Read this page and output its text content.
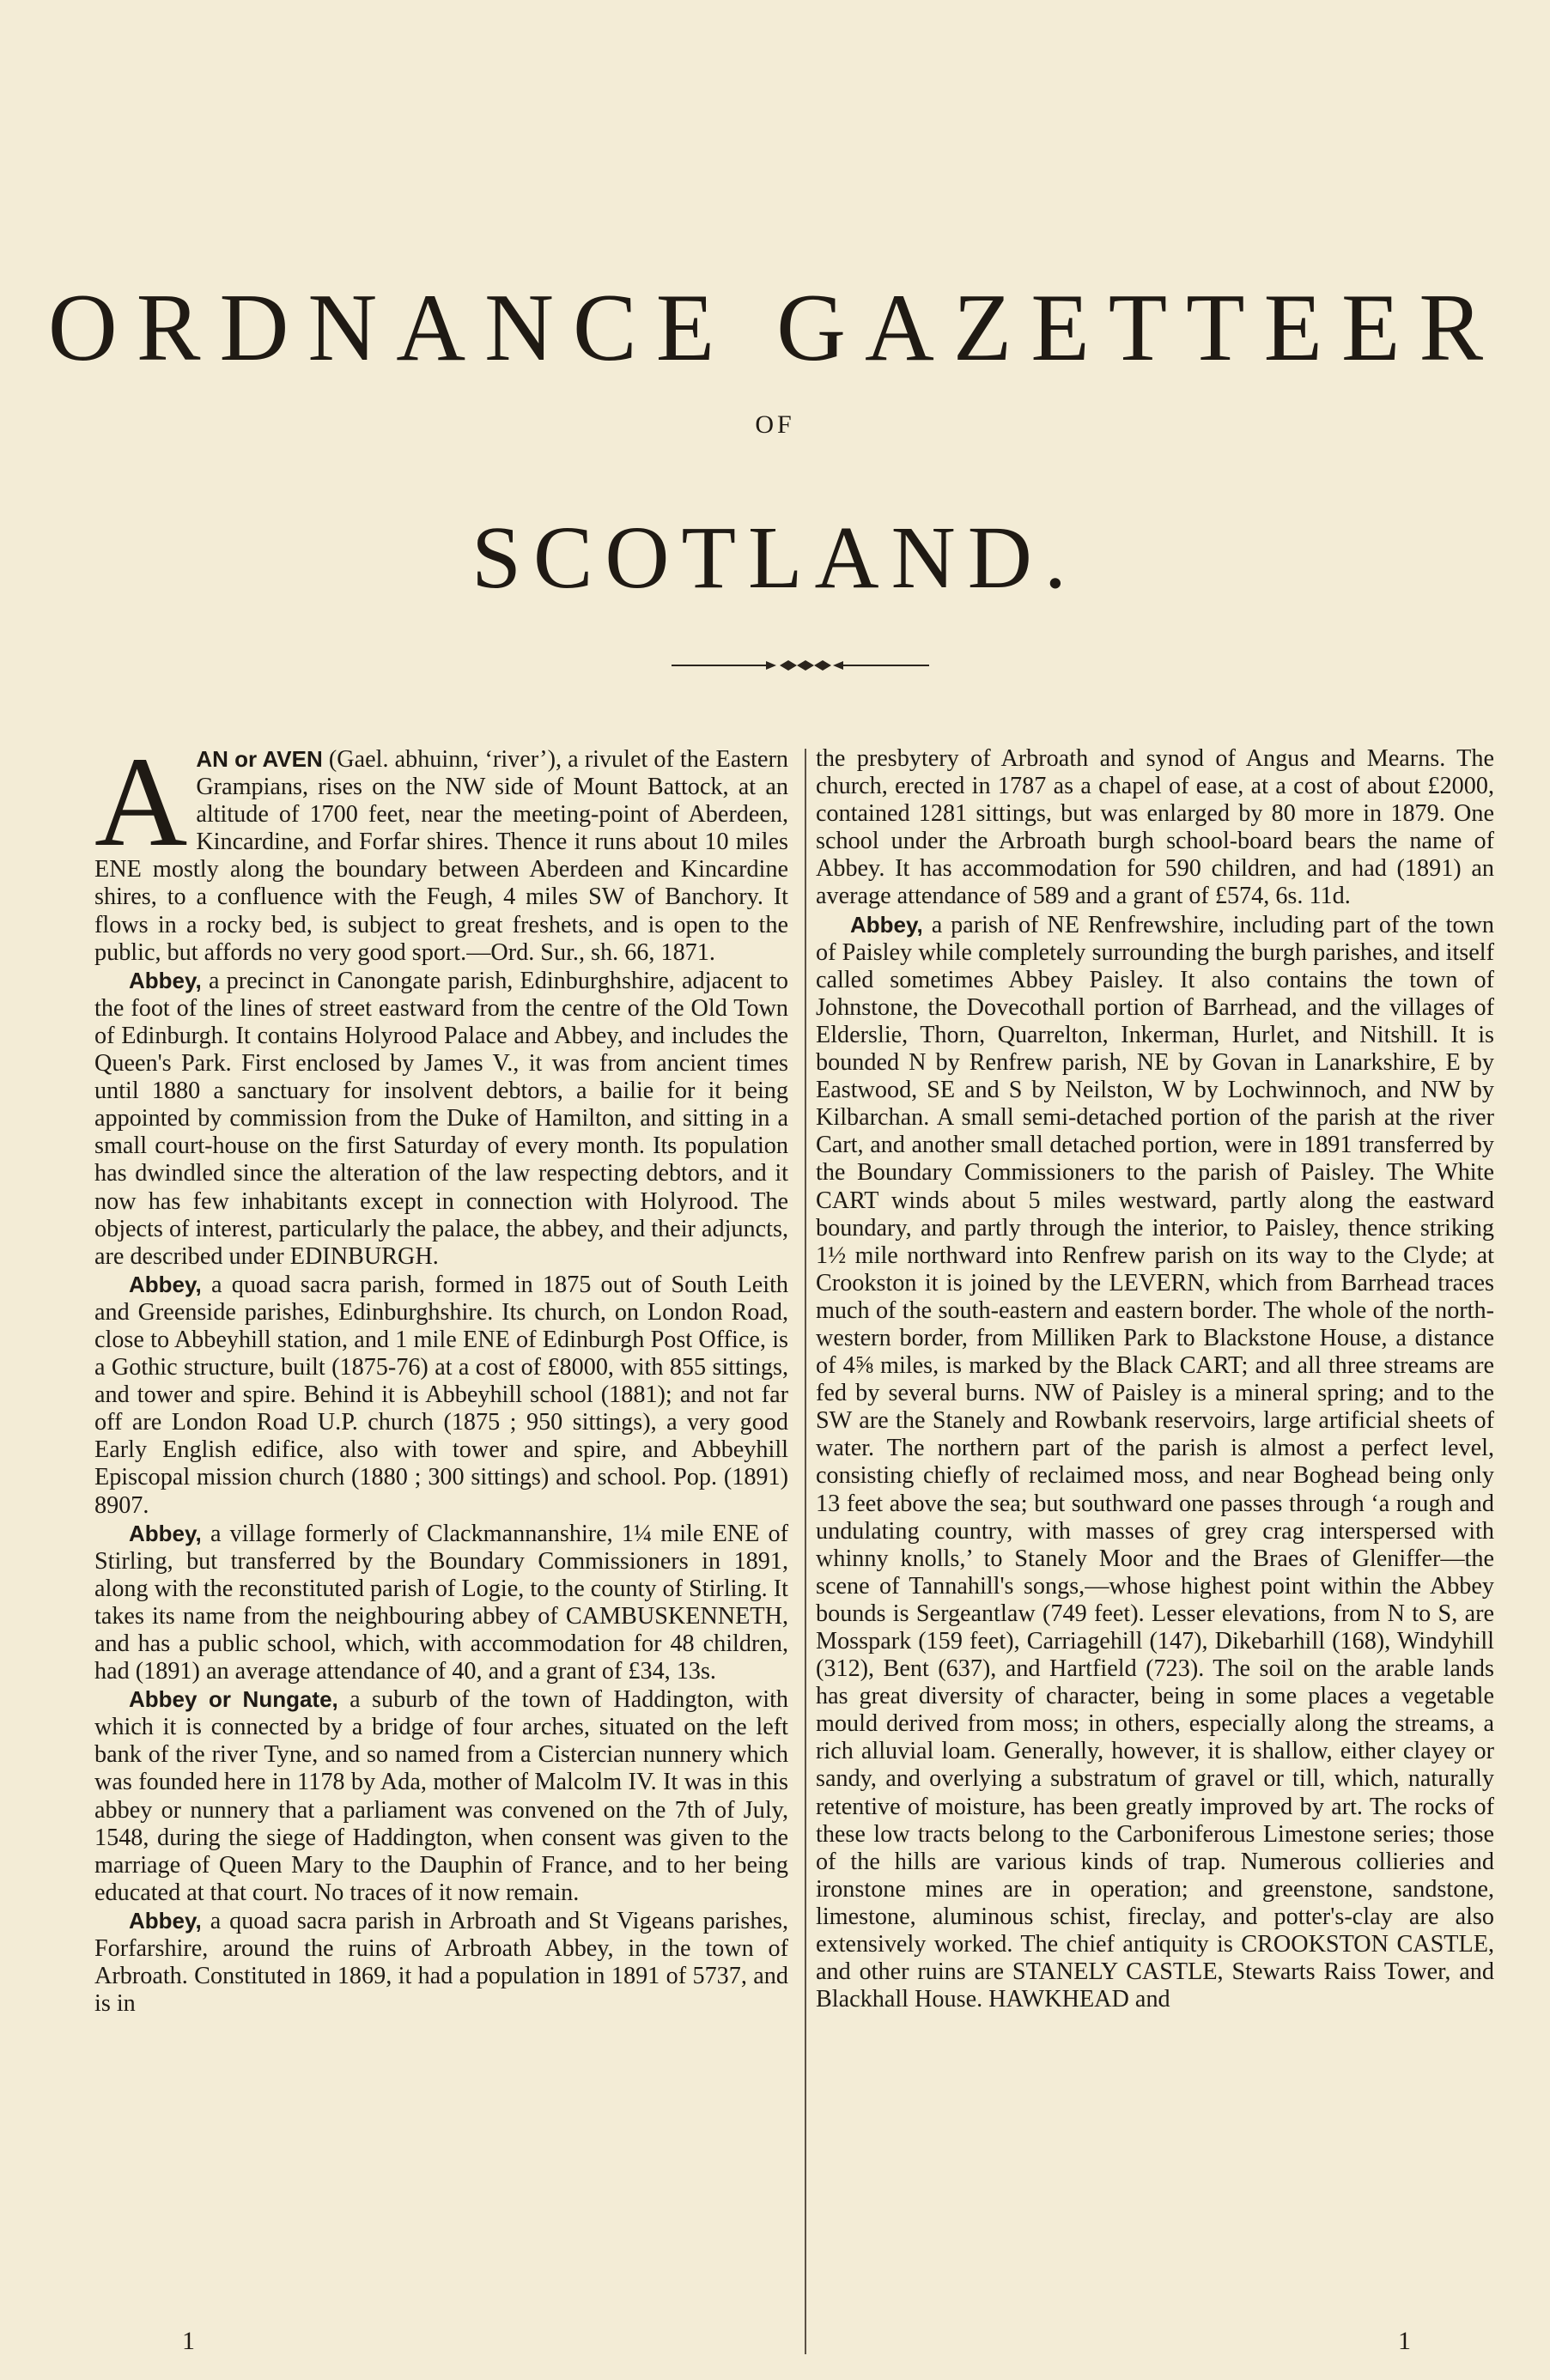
ORDNANCE GAZETTEER
OF
SCOTLAND.

A AN or AVEN (Gael. abhuinn, ‘river’), a rivulet of the Eastern Grampians, rises on the NW side of Mount Battock, at an altitude of 1700 feet, near the meeting-point of Aberdeen, Kincardine, and Forfar shires. Thence it runs about 10 miles ENE mostly along the boundary between Aberdeen and Kincardine shires, to a confluence with the Feugh, 4 miles SW of Banchory. It flows in a rocky bed, is subject to great freshets, and is open to the public, but affords no very good sport.—Ord. Sur., sh. 66, 1871.

Abbey, a precinct in Canongate parish, Edinburghshire, adjacent to the foot of the lines of street eastward from the centre of the Old Town of Edinburgh. It contains Holyrood Palace and Abbey, and includes the Queen's Park. First enclosed by James V., it was from ancient times until 1880 a sanctuary for insolvent debtors, a bailie for it being appointed by commission from the Duke of Hamilton, and sitting in a small court-house on the first Saturday of every month. Its population has dwindled since the alteration of the law respecting debtors, and it now has few inhabitants except in connection with Holyrood. The objects of interest, particularly the palace, the abbey, and their adjuncts, are described under EDINBURGH.

Abbey, a quoad sacra parish, formed in 1875 out of South Leith and Greenside parishes, Edinburghshire. Its church, on London Road, close to Abbeyhill station, and 1 mile ENE of Edinburgh Post Office, is a Gothic structure, built (1875-76) at a cost of £8000, with 855 sittings, and tower and spire. Behind it is Abbeyhill school (1881); and not far off are London Road U.P. church (1875 ; 950 sittings), a very good Early English edifice, also with tower and spire, and Abbeyhill Episcopal mission church (1880 ; 300 sittings) and school. Pop. (1891) 8907.

Abbey, a village formerly of Clackmannanshire, 1¼ mile ENE of Stirling, but transferred by the Boundary Commissioners in 1891, along with the reconstituted parish of Logie, to the county of Stirling. It takes its name from the neighbouring abbey of CAMBUSKENNETH, and has a public school, which, with accommodation for 48 children, had (1891) an average attendance of 40, and a grant of £34, 13s.

Abbey or Nungate, a suburb of the town of Haddington, with which it is connected by a bridge of four arches, situated on the left bank of the river Tyne, and so named from a Cistercian nunnery which was founded here in 1178 by Ada, mother of Malcolm IV. It was in this abbey or nunnery that a parliament was convened on the 7th of July, 1548, during the siege of Haddington, when consent was given to the marriage of Queen Mary to the Dauphin of France, and to her being educated at that court. No traces of it now remain.

Abbey, a quoad sacra parish in Arbroath and St Vigeans parishes, Forfarshire, around the ruins of Arbroath Abbey, in the town of Arbroath. Constituted in 1869, it had a population in 1891 of 5737, and is in

the presbytery of Arbroath and synod of Angus and Mearns. The church, erected in 1787 as a chapel of ease, at a cost of about £2000, contained 1281 sittings, but was enlarged by 80 more in 1879. One school under the Arbroath burgh school-board bears the name of Abbey. It has accommodation for 590 children, and had (1891) an average attendance of 589 and a grant of £574, 6s. 11d.

Abbey, a parish of NE Renfrewshire, including part of the town of Paisley while completely surrounding the burgh parishes, and itself called sometimes Abbey Paisley. It also contains the town of Johnstone, the Dovecothall portion of Barrhead, and the villages of Elderslie, Thorn, Quarrelton, Inkerman, Hurlet, and Nitshill. It is bounded N by Renfrew parish, NE by Govan in Lanarkshire, E by Eastwood, SE and S by Neilston, W by Lochwinnoch, and NW by Kilbarchan. A small semi-detached portion of the parish at the river Cart, and another small detached portion, were in 1891 transferred by the Boundary Commissioners to the parish of Paisley. The White CART winds about 5 miles westward, partly along the eastward boundary, and partly through the interior, to Paisley, thence striking 1½ mile northward into Renfrew parish on its way to the Clyde; at Crookston it is joined by the LEVERN, which from Barrhead traces much of the south-eastern and eastern border. The whole of the north-western border, from Milliken Park to Blackstone House, a distance of 4⅝ miles, is marked by the Black CART; and all three streams are fed by several burns. NW of Paisley is a mineral spring; and to the SW are the Stanely and Rowbank reservoirs, large artificial sheets of water. The northern part of the parish is almost a perfect level, consisting chiefly of reclaimed moss, and near Boghead being only 13 feet above the sea; but southward one passes through ‘a rough and undulating country, with masses of grey crag interspersed with whinny knolls,’ to Stanely Moor and the Braes of Gleniffer—the scene of Tannahill's songs,—whose highest point within the Abbey bounds is Sergeantlaw (749 feet). Lesser elevations, from N to S, are Mosspark (159 feet), Carriagehill (147), Dikebarhill (168), Windyhill (312), Bent (637), and Hartfield (723). The soil on the arable lands has great diversity of character, being in some places a vegetable mould derived from moss; in others, especially along the streams, a rich alluvial loam. Generally, however, it is shallow, either clayey or sandy, and overlying a substratum of gravel or till, which, naturally retentive of moisture, has been greatly improved by art. The rocks of these low tracts belong to the Carboniferous Limestone series; those of the hills are various kinds of trap. Numerous collieries and ironstone mines are in operation; and greenstone, sandstone, limestone, aluminous schist, fireclay, and potter's-clay are also extensively worked. The chief antiquity is CROOKSTON CASTLE, and other ruins are STANELY CASTLE, Stewarts Raiss Tower, and Blackhall House. HAWKHEAD and

1	1
